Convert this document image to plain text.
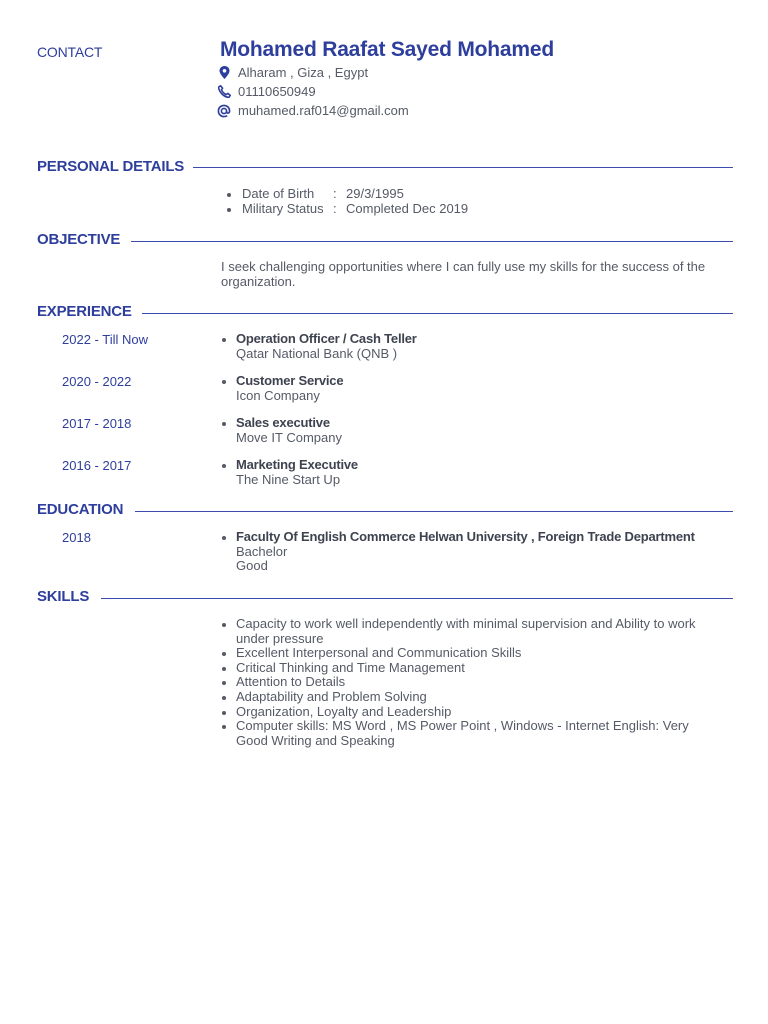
CONTACT	Mohamed Raafat Sayed Mohamed
Alharam , Giza , Egypt
01110650949
muhamed.raf014@gmail.com
PERSONAL DETAILS
Date of Birth : 29/3/1995
Military Status : Completed Dec 2019
OBJECTIVE
I seek challenging opportunities where I can fully use my skills for the success of the
organization.
EXPERIENCE
2022 - Till Now	Operation Officer / Cash Teller
Qatar National Bank (QNB )
2020 - 2022	Customer Service
Icon Company
2017 - 2018	Sales executive
Move IT Company
2016 - 2017	Marketing Executive
The Nine Start Up
EDUCATION
2018	Faculty Of English Commerce Helwan University , Foreign Trade Department
Bachelor
Good
SKILLS
Capacity to work well independently with minimal supervision and Ability to work
under pressure
Excellent Interpersonal and Communication Skills
Critical Thinking and Time Management
Attention to Details
Adaptability and Problem Solving
Organization, Loyalty and Leadership
Computer skills: MS Word , MS Power Point , Windows - Internet English: Very
Good Writing and Speaking
